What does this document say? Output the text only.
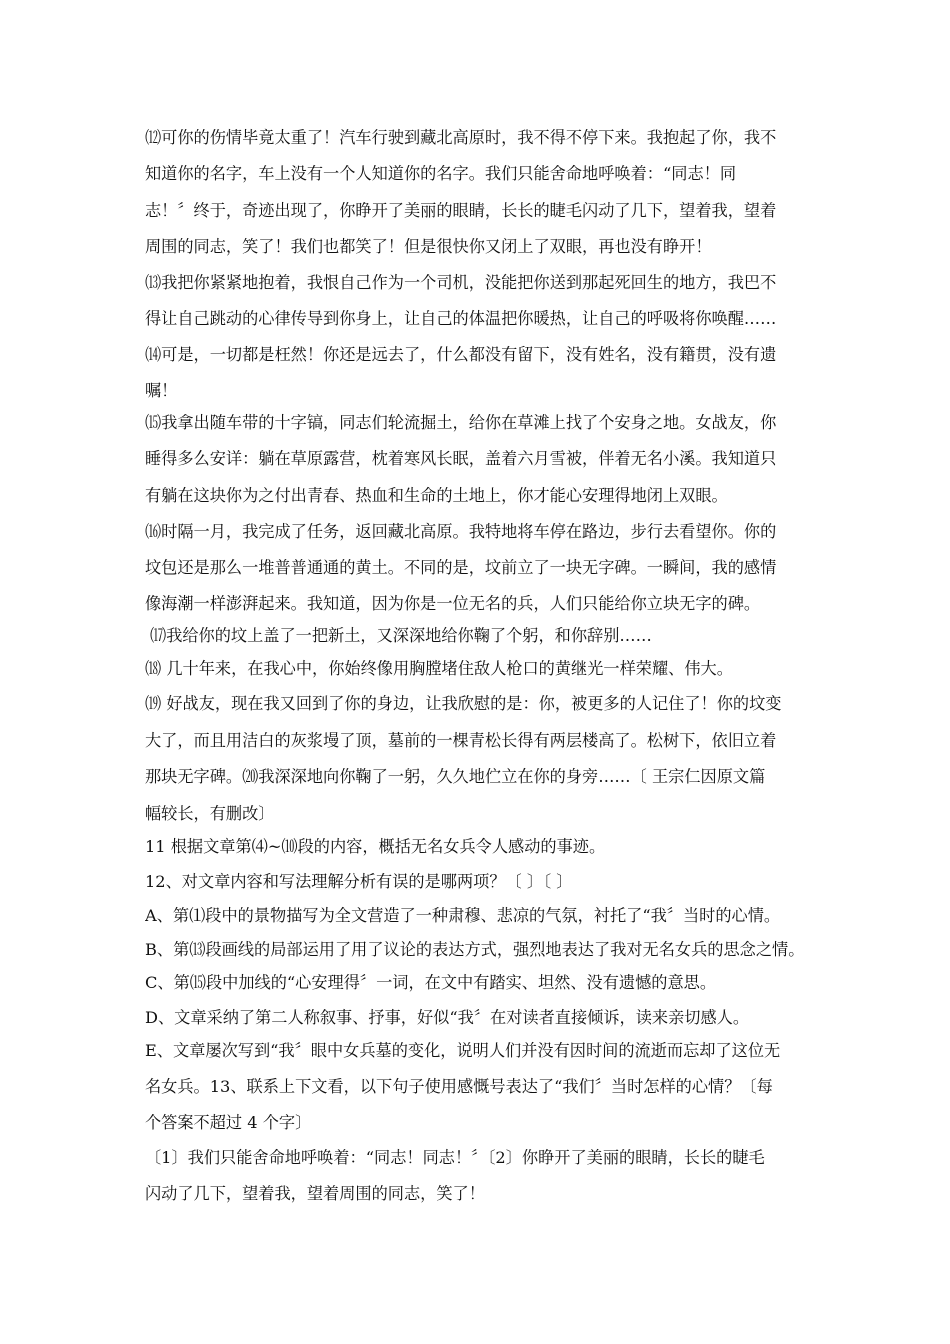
⑿可你的伤情毕竟太重了！汽车行驶到藏北高原时，我不得不停下来。我抱起了你，我不
知道你的名字，车上没有一个人知道你的名字。我们只能舍命地呼唤着：“同志！同
志！〞终于，奇迹出现了，你睁开了美丽的眼睛，长长的睫毛闪动了几下，望着我，望着
周围的同志，笑了！我们也都笑了！但是很快你又闭上了双眼，再也没有睁开！
⒀我把你紧紧地抱着，我恨自己作为一个司机，没能把你送到那起死回生的地方，我巴不
得让自己跳动的心律传导到你身上，让自己的体温把你暖热，让自己的呼吸将你唤醒……
⒁可是，一切都是枉然！你还是远去了，什么都没有留下，没有姓名，没有籍贯，没有遗
嘱！
⒂我拿出随车带的十字镐，同志们轮流掘土，给你在草滩上找了个安身之地。女战友，你
睡得多么安详：躺在草原露营，枕着寒风长眠，盖着六月雪被，伴着无名小溪。我知道只
有躺在这块你为之付出青春、热血和生命的土地上，你才能心安理得地闭上双眼。
⒃时隔一月，我完成了任务，返回藏北高原。我特地将车停在路边，步行去看望你。你的
坟包还是那么一堆普普通通的黄土。不同的是，坟前立了一块无字碑。一瞬间，我的感情
像海潮一样澎湃起来。我知道，因为你是一位无名的兵，人们只能给你立块无字的碑。
⒄我给你的坟上盖了一把新土，又深深地给你鞠了个躬，和你辞别……
⒅ 几十年来，在我心中，你始终像用胸膛堵住敌人枪口的黄继光一样荣耀、伟大。
⒆ 好战友，现在我又回到了你的身边，让我欣慰的是：你，被更多的人记住了！你的坟变
大了，而且用洁白的灰浆墁了顶，墓前的一棵青松长得有两层楼高了。松树下，依旧立着
那块无字碑。⒇我深深地向你鞠了一躬，久久地伫立在你的身旁……〔 王宗仁因原文篇
幅较长，有删改〕
11 根据文章第⑷~⑽段的内容，概括无名女兵令人感动的事迹。
12、对文章内容和写法理解分析有误的是哪两项？〔 〕〔 〕
A、第⑴段中的景物描写为全文营造了一种肃穆、悲凉的气氛，衬托了“我〞当时的心情。
B、第⒀段画线的局部运用了用了议论的表达方式，强烈地表达了我对无名女兵的思念之情。
C、第⒂段中加线的“心安理得〞一词，在文中有踏实、坦然、没有遗憾的意思。
D、文章采纳了第二人称叙事、抒事，好似“我〞在对读者直接倾诉，读来亲切感人。
E、文章屡次写到“我〞眼中女兵墓的变化，说明人们并没有因时间的流逝而忘却了这位无
名女兵。13、联系上下文看，以下句子使用感慨号表达了“我们〞当时怎样的心情？〔每
个答案不超过 4 个字〕
〔1〕我们只能舍命地呼唤着：“同志！同志！〞〔2〕你睁开了美丽的眼睛，长长的睫毛
闪动了几下，望着我，望着周围的同志，笑了！
